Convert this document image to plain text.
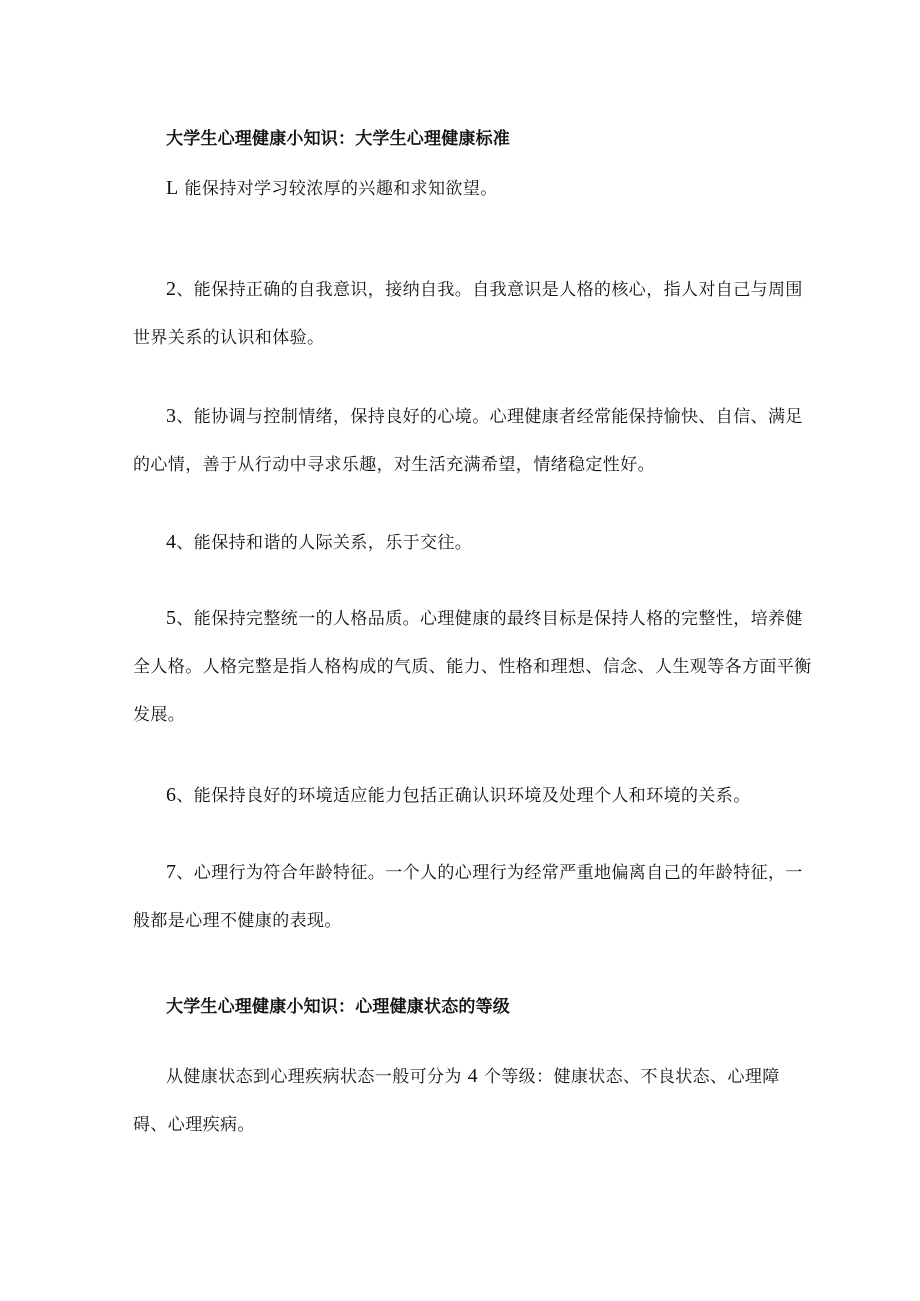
大学生心理健康小知识：大学生心理健康标准

L 能保持对学习较浓厚的兴趣和求知欲望。

2、能保持正确的自我意识，接纳自我。自我意识是人格的核心，指人对自己与周围世界关系的认识和体验。

3、能协调与控制情绪，保持良好的心境。心理健康者经常能保持愉快、自信、满足的心情，善于从行动中寻求乐趣，对生活充满希望，情绪稳定性好。

4、能保持和谐的人际关系，乐于交往。

5、能保持完整统一的人格品质。心理健康的最终目标是保持人格的完整性，培养健全人格。人格完整是指人格构成的气质、能力、性格和理想、信念、人生观等各方面平衡发展。

6、能保持良好的环境适应能力包括正确认识环境及处理个人和环境的关系。

7、心理行为符合年龄特征。一个人的心理行为经常严重地偏离自己的年龄特征，一般都是心理不健康的表现。

大学生心理健康小知识：心理健康状态的等级

从健康状态到心理疾病状态一般可分为 4 个等级：健康状态、不良状态、心理障碍、心理疾病。
